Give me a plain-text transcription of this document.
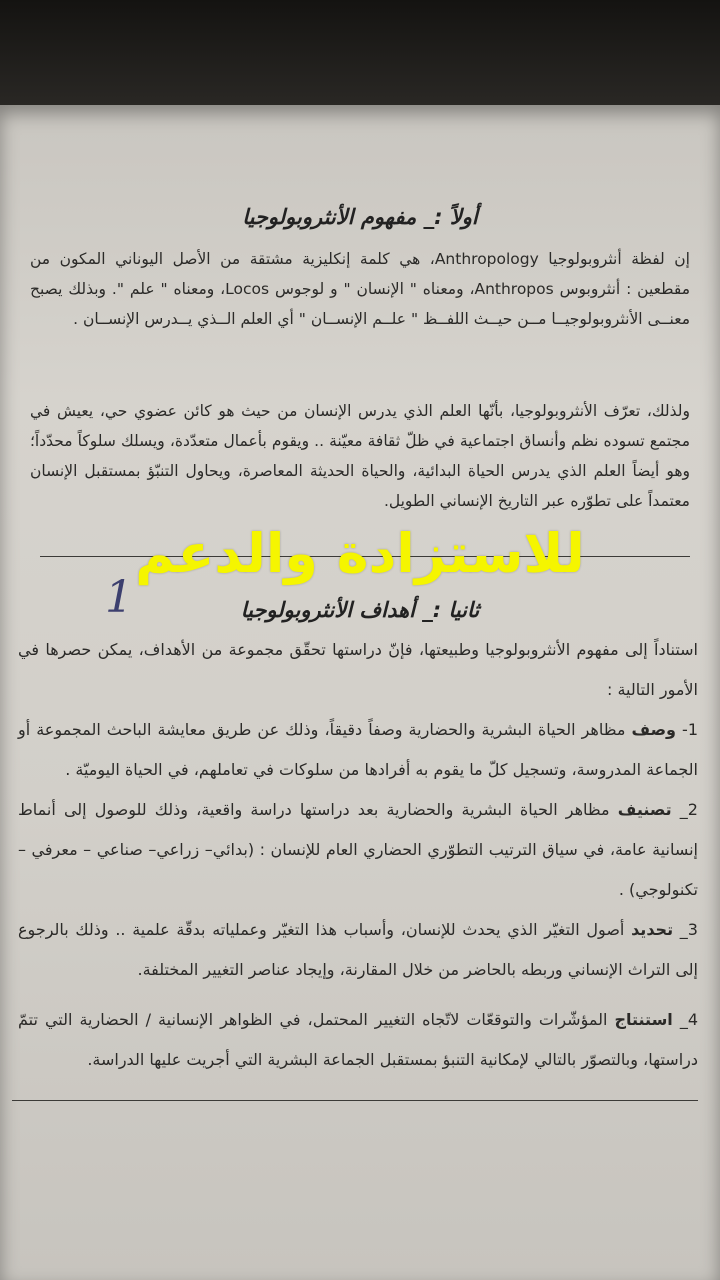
أولاً :_ مفهوم الأنثروبولوجيا
إن لفظة أنثروبولوجيا Anthropology، هي كلمة إنكليزية مشتقة من الأصل اليوناني المكون من مقطعين : أنثروبوس Anthropos، ومعناه " الإنسان " و لوجوس Locos، ومعناه " علم ". وبذلك يصبح معنــى الأنثروبولوجيــا مــن حيــث اللفــظ " علــم الإنســان " أي العلم الــذي يــدرس الإنســان .
ولذلك، تعرّف الأنثروبولوجيا، بأنّها العلم الذي يدرس الإنسان من حيث هو كائن عضوي حي، يعيش في مجتمع تسوده نظم وأنساق اجتماعية في ظلّ ثقافة معيّنة .. ويقوم بأعمال متعدّدة، ويسلك سلوكاً محدّداً؛ وهو أيضاً العلم الذي يدرس الحياة البدائية، والحياة الحديثة المعاصرة، ويحاول التنبّؤ بمستقبل الإنسان معتمداً على تطوّره عبر التاريخ الإنساني الطويل.
للاستزادة والدعم
1	ثانيا :_ أهداف الأنثروبولوجيا
استناداً إلى مفهوم الأنثروبولوجيا وطبيعتها، فإنّ دراستها تحقّق مجموعة من الأهداف، يمكن حصرها في الأمور التالية :
1- وصف مظاهر الحياة البشرية والحضارية وصفاً دقيقاً، وذلك عن طريق معايشة الباحث المجموعة أو الجماعة المدروسة، وتسجيل كلّ ما يقوم به أفرادها من سلوكات في تعاملهم، في الحياة اليوميّة .
2_ تصنيف مظاهر الحياة البشرية والحضارية بعد دراستها دراسة واقعية، وذلك للوصول إلى أنماط إنسانية عامة، في سياق الترتيب التطوّري الحضاري العام للإنسان : (بدائي– زراعي– صناعي – معرفي – تكنولوجي) .
3_ تحديد أصول التغيّر الذي يحدث للإنسان، وأسباب هذا التغيّر وعملياته بدقّة علمية .. وذلك بالرجوع إلى التراث الإنساني وربطه بالحاضر من خلال المقارنة، وإيجاد عناصر التغيير المختلفة.
4_ استنتاج المؤشّرات والتوقعّات لاتّجاه التغيير المحتمل، في الظواهر الإنسانية / الحضارية التي تتمّ دراستها، وبالتصوّر بالتالي لإمكانية التنبؤ بمستقبل الجماعة البشرية التي أجريت عليها الدراسة.
